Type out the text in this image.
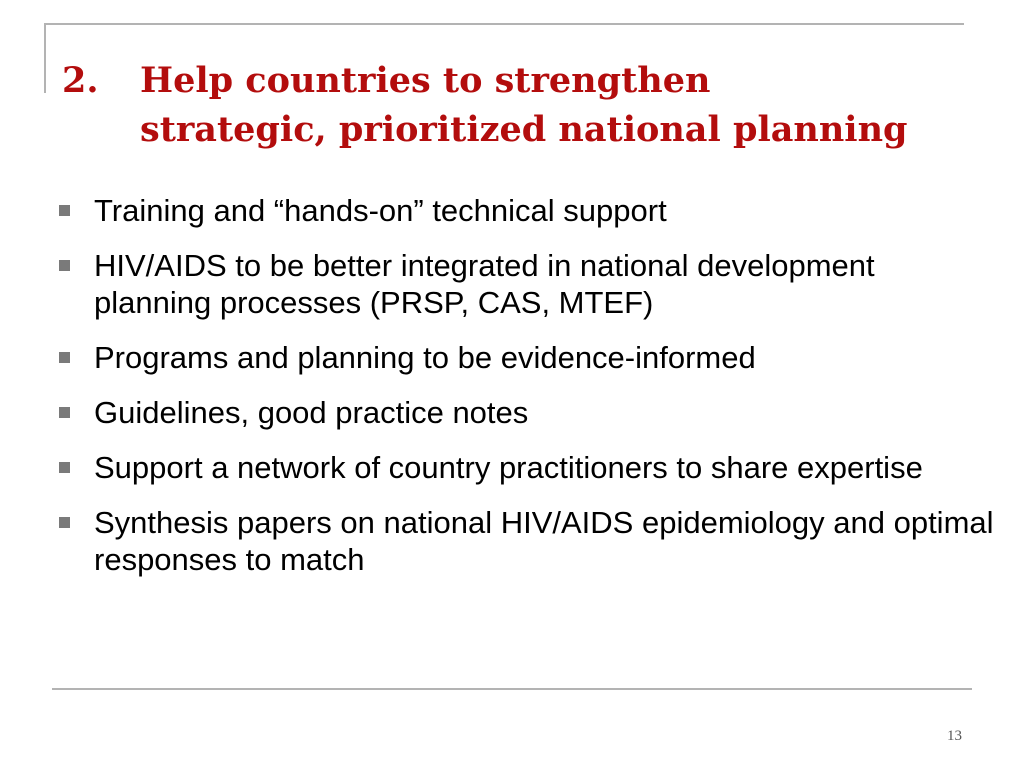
2.	Help countries to strengthen
strategic, prioritized national planning
Training and “hands-on” technical support
HIV/AIDS to be better integrated in national development planning processes (PRSP, CAS, MTEF)
Programs and planning to be evidence-informed
Guidelines, good practice notes
Support a network of country practitioners to share expertise
Synthesis papers on national HIV/AIDS epidemiology and optimal responses to match
13
